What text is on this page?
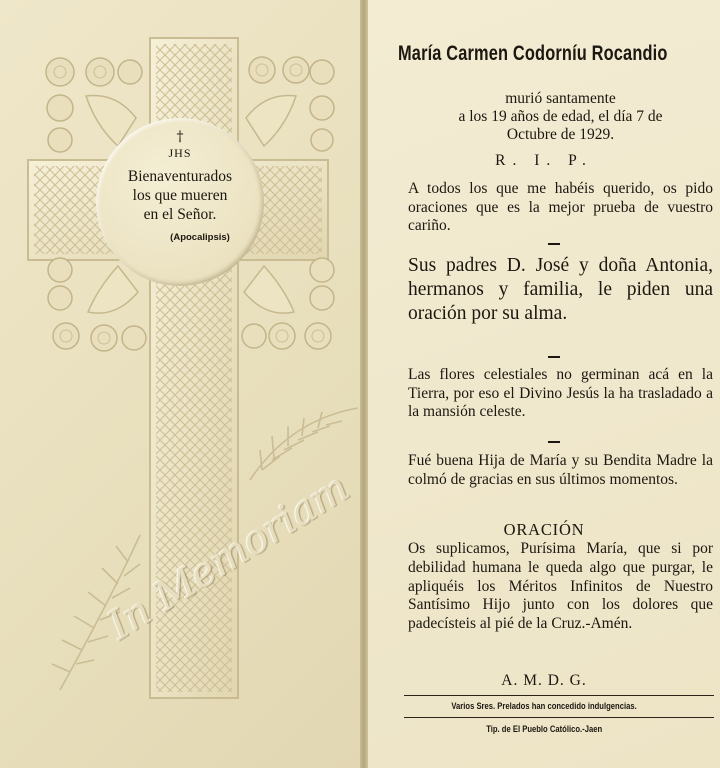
†
JHS
Bienaventurados
los que mueren
en el Señor.
(Apocalipsis)
In Memoriam
María Carmen Codorníu Rocandio
murió santamente
a los 19 años de edad, el día 7 de
Octubre de 1929.
R. I. P.
A todos los que me habéis querido, os pido oraciones que es la mejor prueba de vuestro cariño.
Sus padres D. José y doña Antonia, hermanos y familia, le piden una oración por su alma.
Las flores celestiales no germinan acá en la Tierra, por eso el Divino Jesús la ha trasladado a la mansión celeste.
Fué buena Hija de María y su Bendita Madre la colmó de gracias en sus últimos momentos.
ORACIÓN
Os suplicamos, Purísima María, que si por debilidad humana le queda algo que purgar, le apliquéis los Méritos Infinitos de Nuestro Santísimo Hijo junto con los dolores que padecísteis al pié de la Cruz.-Amén.
A. M. D. G.
Varios Sres. Prelados han concedido indulgencias.
Tip. de El Pueblo Católico.-Jaen
